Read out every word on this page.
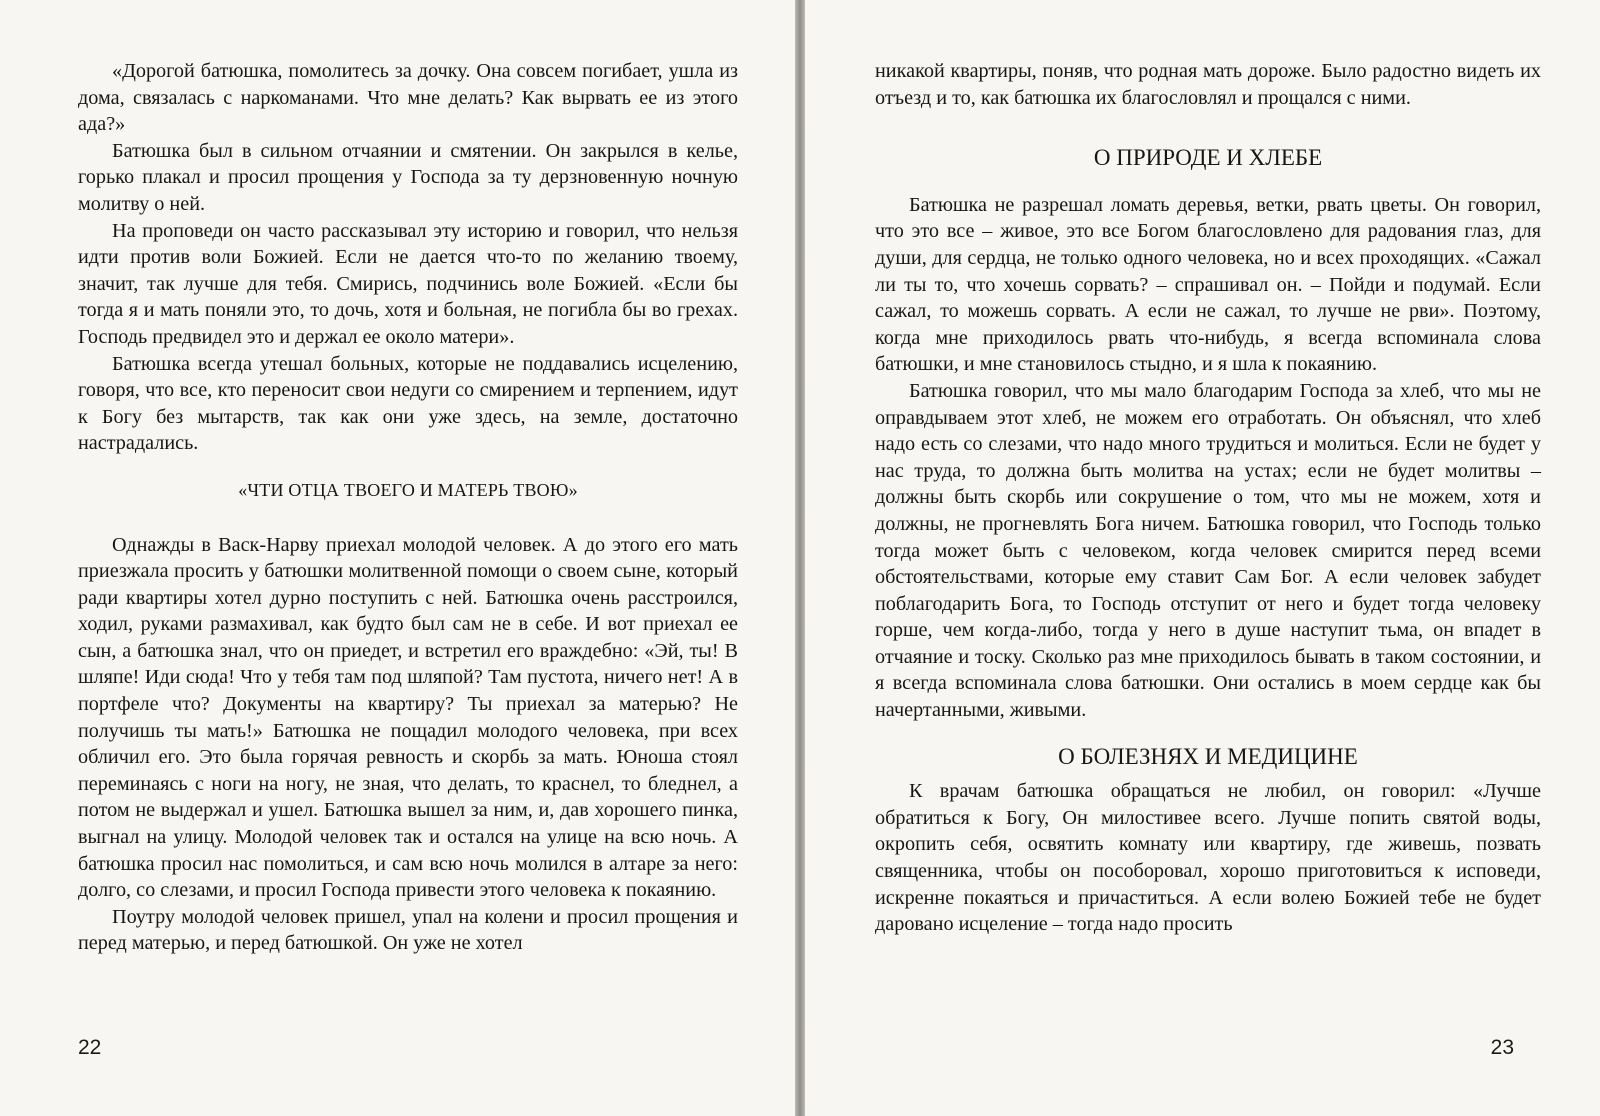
«Дорогой батюшка, помолитесь за дочку. Она совсем погибает, ушла из дома, связалась с наркоманами. Что мне делать? Как вырвать ее из этого ада?»

Батюшка был в сильном отчаянии и смятении. Он закрылся в келье, горько плакал и просил прощения у Господа за ту дерзновенную ночную молитву о ней.

На проповеди он часто рассказывал эту историю и говорил, что нельзя идти против воли Божией. Если не дается что-то по желанию твоему, значит, так лучше для тебя. Смирись, подчинись воле Божией. «Если бы тогда я и мать поняли это, то дочь, хотя и больная, не погибла бы во грехах. Господь предвидел это и держал ее около матери».

Батюшка всегда утешал больных, которые не поддавались исцелению, говоря, что все, кто переносит свои недуги со смирением и терпением, идут к Богу без мытарств, так как они уже здесь, на земле, достаточно настрадались.

«ЧТИ ОТЦА ТВОЕГО И МАТЕРЬ ТВОЮ»

Однажды в Васк-Нарву приехал молодой человек. А до этого его мать приезжала просить у батюшки молитвенной помощи о своем сыне, который ради квартиры хотел дурно поступить с ней. Батюшка очень расстроился, ходил, руками размахивал, как будто был сам не в себе. И вот приехал ее сын, а батюшка знал, что он приедет, и встретил его враждебно: «Эй, ты! В шляпе! Иди сюда! Что у тебя там под шляпой? Там пустота, ничего нет! А в портфеле что? Документы на квартиру? Ты приехал за матерью? Не получишь ты мать!» Батюшка не пощадил молодого человека, при всех обличил его. Это была горячая ревность и скорбь за мать. Юноша стоял переминаясь с ноги на ногу, не зная, что делать, то краснел, то бледнел, а потом не выдержал и ушел. Батюшка вышел за ним, и, дав хорошего пинка, выгнал на улицу. Молодой человек так и остался на улице на всю ночь. А батюшка просил нас помолиться, и сам всю ночь молился в алтаре за него: долго, со слезами, и просил Господа привести этого человека к покаянию.

Поутру молодой человек пришел, упал на колени и просил прощения и перед матерью, и перед батюшкой. Он уже не хотел

22

никакой квартиры, поняв, что родная мать дороже. Было радостно видеть их отъезд и то, как батюшка их благословлял и прощался с ними.

О ПРИРОДЕ И ХЛЕБЕ

Батюшка не разрешал ломать деревья, ветки, рвать цветы. Он говорил, что это все – живое, это все Богом благословлено для радования глаз, для души, для сердца, не только одного человека, но и всех проходящих. «Сажал ли ты то, что хочешь сорвать? – спрашивал он. – Пойди и подумай. Если сажал, то можешь сорвать. А если не сажал, то лучше не рви». Поэтому, когда мне приходилось рвать что-нибудь, я всегда вспоминала слова батюшки, и мне становилось стыдно, и я шла к покаянию.

Батюшка говорил, что мы мало благодарим Господа за хлеб, что мы не оправдываем этот хлеб, не можем его отработать. Он объяснял, что хлеб надо есть со слезами, что надо много трудиться и молиться. Если не будет у нас труда, то должна быть молитва на устах; если не будет молитвы – должны быть скорбь или сокрушение о том, что мы не можем, хотя и должны, не прогневлять Бога ничем. Батюшка говорил, что Господь только тогда может быть с человеком, когда человек смирится перед всеми обстоятельствами, которые ему ставит Сам Бог. А если человек забудет поблагодарить Бога, то Господь отступит от него и будет тогда человеку горше, чем когда-либо, тогда у него в душе наступит тьма, он впадет в отчаяние и тоску. Сколько раз мне приходилось бывать в таком состоянии, и я всегда вспоминала слова батюшки. Они остались в моем сердце как бы начертанными, живыми.

О БОЛЕЗНЯХ И МЕДИЦИНЕ

К врачам батюшка обращаться не любил, он говорил: «Лучше обратиться к Богу, Он милостивее всего. Лучше попить святой воды, окропить себя, освятить комнату или квартиру, где живешь, позвать священника, чтобы он пособоровал, хорошо приготовиться к исповеди, искренне покаяться и причаститься. А если волею Божией тебе не будет даровано исцеление – тогда надо просить

23
